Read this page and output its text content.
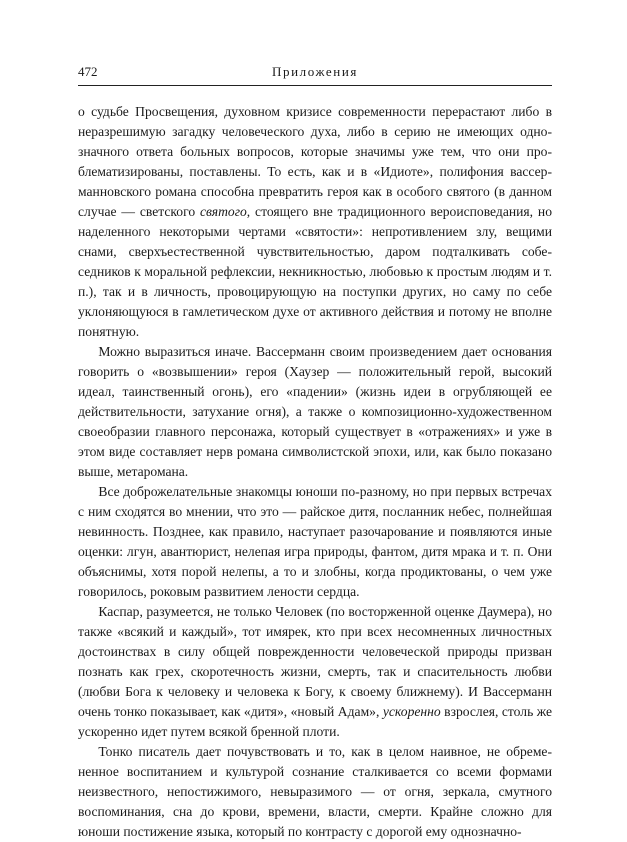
472	Приложения

о судьбе Просвещения, духовном кризисе современности перерастают либо в неразрешимую загадку человеческого духа, либо в серию не имеющих однозначного ответа больных вопросов, которые значимы уже тем, что они проблематизированы, поставлены. То есть, как и в «Идиоте», полифония вассерманновского романа способна превратить героя как в особого святого (в данном случае — светского святого, стоящего вне традиционного вероисповедания, но наделенного некоторыми чертами «святости»: непротивлением злу, вещими снами, сверхъестественной чувствительностью, даром подталкивать собеседников к моральной рефлексии, некникностью, любовью к простым людям и т. п.), так и в личность, провоцирующую на поступки других, но саму по себе уклоняющуюся в гамлетическом духе от активного действия и потому не вполне понятную.

Можно выразиться иначе. Вассерманн своим произведением дает основания говорить о «возвышении» героя (Хаузер — положительный герой, высокий идеал, таинственный огонь), его «падении» (жизнь идеи в огрубляющей ее действительности, затухание огня), а также о композиционно-художественном своеобразии главного персонажа, который существует в «отражениях» и уже в этом виде составляет нерв романа символистской эпохи, или, как было показано выше, метаромана.

Все доброжелательные знакомцы юноши по-разному, но при первых встречах с ним сходятся во мнении, что это — райское дитя, посланник небес, полнейшая невинность. Позднее, как правило, наступает разочарование и появляются иные оценки: лгун, авантюрист, нелепая игра природы, фантом, дитя мрака и т. п. Они объяснимы, хотя порой нелепы, а то и злобны, когда продиктованы, о чем уже говорилось, роковым развитием лености сердца.

Каспар, разумеется, не только Человек (по восторженной оценке Даумера), но также «всякий и каждый», тот имярек, кто при всех несомненных личностных достоинствах в силу общей поврежденности человеческой природы призван познать как грех, скоротечность жизни, смерть, так и спасительность любви (любви Бога к человеку и человека к Богу, к своему ближнему). И Вассерманн очень тонко показывает, как «дитя», «новый Адам», ускоренно взрослея, столь же ускоренно идет путем всякой бренной плоти.

Тонко писатель дает почувствовать и то, как в целом наивное, не обремененное воспитанием и культурой сознание сталкивается со всеми формами неизвестного, непостижимого, невыразимого — от огня, зеркала, смутного воспоминания, сна до крови, времени, власти, смерти. Крайне сложно для юноши постижение языка, который по контрасту с дорогой ему однозначно-
